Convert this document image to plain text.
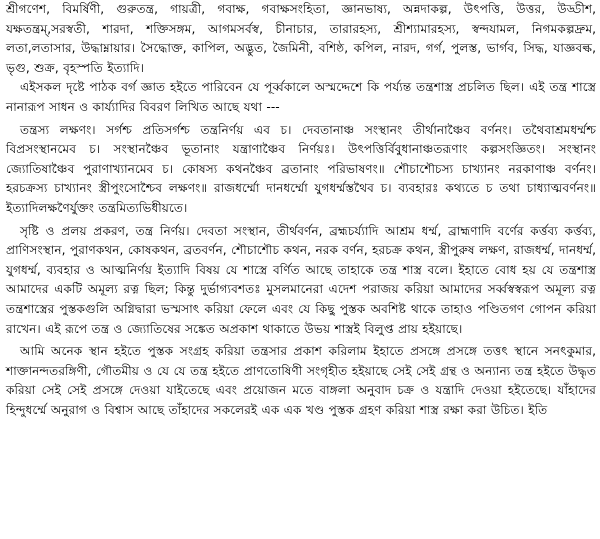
শ্রীগণেশ, বিমর্ষিণী, গুরুতন্ত্র, গায়ত্রী, গবাক্ষ, গবাক্ষসংহিতা, জ্ঞানভাষ্য, অন্নদাকল্প, উৎপত্তি, উত্তর, উড্ডীশ, যক্ষতন্ত্রম্‌,সরস্বতী, শারদা, শক্তিসঙ্গম, আগমসর্বস্ব, চীনাচার, তারারহস্য, শ্রীশ্যামারহস্য, স্বন্দযামল, নিগমকল্পদ্রুম, লতা,লতাসার, উদ্ধাম্নায়ার। সৈদ্ধোক্ত, কাপিল, অদ্ভুত, জৈমিনী, বশিষ্ঠ, কপিল, নারদ, গর্গ, পুলস্ত, ভার্গব, সিদ্ধ, যাজ্ঞবল্ক, ভৃগু, শুক্র, বৃহস্পতি ইত্যাদি।

এইসকল দৃষ্টে পাঠক বর্গ জ্ঞাত হইতে পারিবেন যে পূর্ব্বকালে অস্মদ্দেশে কি পর্য্যন্ত তন্ত্রশাস্ত্র প্রচলিত ছিল। এই তন্ত্র শাস্ত্রে নানারূপ সাধন ও কার্য্যাদির বিবরণ লিখিত আছে যথা ---

তন্ত্রস্য লক্ষণং। সর্গশ্চ প্রতিসর্গশ্চ তন্ত্রনির্ণয় এব চ। দেবতানাঞ্চ সংস্থানং তীর্থানাঞ্চৈব বর্ণনং। তথৈবাশ্রমধর্ম্মশ্চ বিপ্রসংস্থানমেব চ। সংস্থানঞ্চৈব ভূতানাং যন্ত্রাণাঞ্চৈব নির্ণয়ঃ। উৎপত্তির্বিবুধানাঞ্চতরূণাং কল্পসংজ্ঞিতং। সংস্থানং জ্যোতিষাঞ্চৈব পুরাণাখ্যানমেব চ। কোষস্য কথনঞ্চৈব ব্রতানাং পরিভাষণং॥ শৌচাশৌচস্য চাখ্যানং নরকাণাঞ্চ বর্ণনং। হরচক্রস্য চাখ্যানং স্ত্রীপুংসোশ্চৈব লক্ষণং॥ রাজধর্ম্মো দানধর্ম্মো যুগধর্ম্মস্তথৈব চ। ব্যবহারঃ কথ্যতে চ তথা চাধ্যাত্মবর্ণনং॥ ইত্যাদিলক্ষণৈর্যুক্তং তন্ত্রমিত্যভিধীয়তে।

সৃষ্টি ও প্রলয় প্রকরণ, তন্ত্র নির্ণয়। দেবতা সংস্থান, তীর্থবর্ণন, ব্রহ্মচর্য্যাদি আশ্রম ধর্ম্ম, ব্রাহ্মণাদি বর্ণের কর্ত্তব্য কর্ত্তব্য, প্রাণিসংস্থান, পুরাণকথন, কোষকথন, ব্রতবর্ণন, শৌচাশৌচ কথন, নরক বর্ণন, হরচক্র কথন, স্ত্রীপুরুষ লক্ষণ, রাজধর্ম্ম, দানধর্ম্ম, যুগধর্ম্ম, ব্যবহার ও আত্মনির্ণয় ইত্যাদি বিষয় যে শাস্ত্রে বর্ণিত আছে তাহাকে তন্ত্র শাস্ত্র বলে। ইহাতে বোধ হয় যে তন্ত্রশাস্ত্র আমাদের একটি অমূল্য রত্ন ছিল; কিন্তু দুর্ভাগ্যবশতঃ মুসলমানেরা এদেশ পরাজয় করিয়া আমাদের সর্ব্বস্বস্বরূপ অমূল্য রত্ন তন্ত্রশাস্ত্রের পুস্তকগুলি অগ্নিদ্বারা ভস্মসাৎ করিয়া ফেলে এবং যে কিছু পুস্তক অবশিষ্ট থাকে তাহাও পণ্ডিতগণ গোপন করিয়া রাখেন। এই রূপে তন্ত্র ও জ্যোতিষের সঙ্কেত অপ্রকাশ থাকাতে উভয় শাস্ত্রই বিলুপ্ত প্রায় হইয়াছে।

আমি অনেক স্থান হইতে পুস্তক সংগ্রহ করিয়া তন্ত্রসার প্রকাশ করিলাম ইহাতে প্রসঙ্গে প্রসঙ্গে তত্তৎ স্থানে সনৎকুমার, শাক্তানন্দতরঙ্গিণী, গৌতমীয় ও যে যে তন্ত্র হইতে প্রাণতোষিণী সংগৃহীত হইয়াছে সেই সেই গ্রন্থ ও অন্যান্য তন্ত্র হইতে উদ্ধৃত করিয়া সেই সেই প্রসঙ্গে দেওয়া যাইতেছে এবং প্রয়োজন মতে বাঙ্গলা অনুবাদ চক্র ও যন্ত্রাদি দেওয়া হইতেছে। যাঁহাদের হিন্দুধর্ম্মে অনুরাগ ও বিশ্বাস আছে তাঁহাদের সকলেরই এক এক খণ্ড পুস্তক গ্রহণ করিয়া শাস্ত্র রক্ষা করা উচিত। ইতি
